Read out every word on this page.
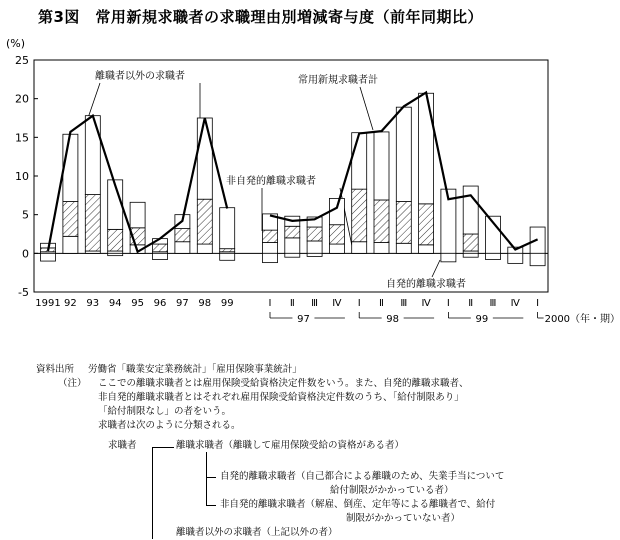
第3図　常用新規求職者の求職理由別増減寄与度（前年同期比）
(%)
25
20
15
10
5
0
-5
1991 92 93 94 95 96 97 98 99	Ⅰ Ⅱ Ⅲ Ⅳ Ⅰ Ⅱ Ⅲ Ⅳ Ⅰ Ⅱ Ⅲ Ⅳ Ⅰ
97	98	99	2000（年・期）
離職者以外の求職者	常用新規求職者計
非自発的離職求職者
自発的離職求職者
資料出所 労働省「職業安定業務統計」「雇用保険事業統計」
（注） ここでの離職求職者とは雇用保険受給資格決定件数をいう。また、自発的離職求職者、
非自発的離職求職者とはそれぞれ雇用保険受給資格決定件数のうち、「給付制限あり」
「給付制限なし」の者をいう。
求職者は次のように分類される。
求職者	離職求職者（離職して雇用保険受給の資格がある者）
自発的離職求職者（自己都合による離職のため、失業手当について
給付制限がかかっている者）
非自発的離職求職者（解雇、倒産、定年等による離職者で、給付
制限がかかっていない者）
離職者以外の求職者（上記以外の者）
